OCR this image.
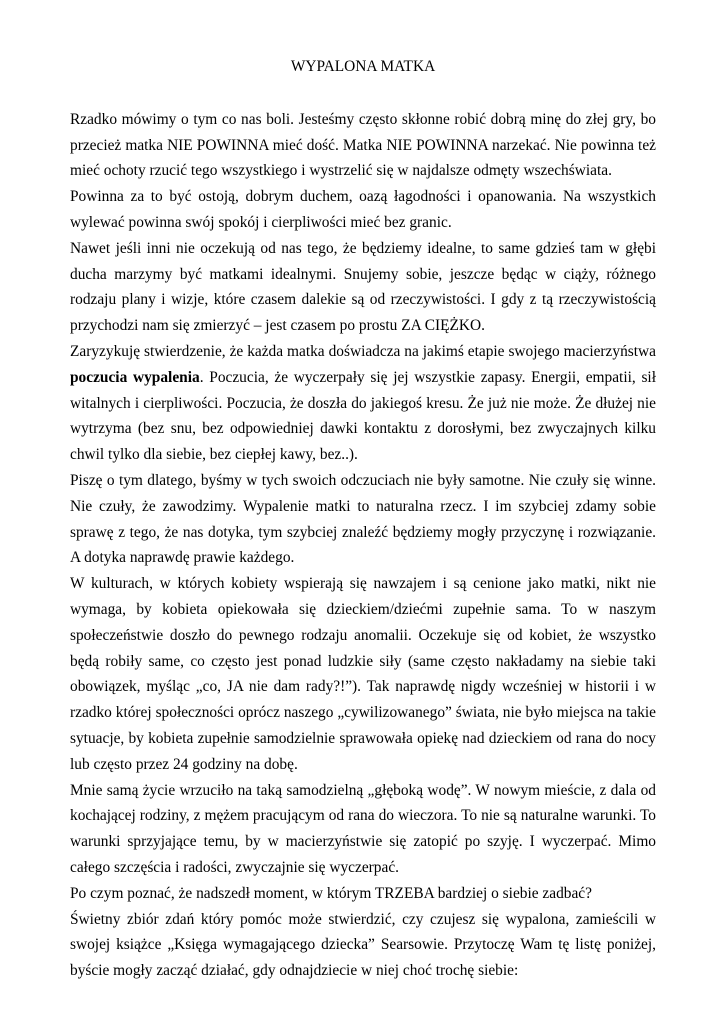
WYPALONA MATKA

Rzadko mówimy o tym co nas boli. Jesteśmy często skłonne robić dobrą minę do złej gry, bo przecież matka NIE POWINNA mieć dość. Matka NIE POWINNA narzekać. Nie powinna też mieć ochoty rzucić tego wszystkiego i wystrzelić się w najdalsze odmęty wszechświata.

Powinna za to być ostoją, dobrym duchem, oazą łagodności i opanowania. Na wszystkich wylewać powinna swój spokój i cierpliwości mieć bez granic.

Nawet jeśli inni nie oczekują od nas tego, że będziemy idealne, to same gdzieś tam w głębi ducha marzymy być matkami idealnymi. Snujemy sobie, jeszcze będąc w ciąży, różnego rodzaju plany i wizje, które czasem dalekie są od rzeczywistości. I gdy z tą rzeczywistością przychodzi nam się zmierzyć – jest czasem po prostu ZA CIĘŻKO.

Zaryzykuję stwierdzenie, że każda matka doświadcza na jakimś etapie swojego macierzyństwa poczucia wypalenia. Poczucia, że wyczerpały się jej wszystkie zapasy. Energii, empatii, sił witalnych i cierpliwości. Poczucia, że doszła do jakiegoś kresu. Że już nie może. Że dłużej nie wytrzyma (bez snu, bez odpowiedniej dawki kontaktu z dorosłymi, bez zwyczajnych kilku chwil tylko dla siebie, bez ciepłej kawy, bez..).

Piszę o tym dlatego, byśmy w tych swoich odczuciach nie były samotne. Nie czuły się winne. Nie czuły, że zawodzimy. Wypalenie matki to naturalna rzecz. I im szybciej zdamy sobie sprawę z tego, że nas dotyka, tym szybciej znaleźć będziemy mogły przyczynę i rozwiązanie. A dotyka naprawdę prawie każdego.

W kulturach, w których kobiety wspierają się nawzajem i są cenione jako matki, nikt nie wymaga, by kobieta opiekowała się dzieckiem/dziećmi zupełnie sama. To w naszym społeczeństwie doszło do pewnego rodzaju anomalii. Oczekuje się od kobiet, że wszystko będą robiły same, co często jest ponad ludzkie siły (same często nakładamy na siebie taki obowiązek, myśląc „co, JA nie dam rady?!”). Tak naprawdę nigdy wcześniej w historii i w rzadko której społeczności oprócz naszego „cywilizowanego” świata, nie było miejsca na takie sytuacje, by kobieta zupełnie samodzielnie sprawowała opiekę nad dzieckiem od rana do nocy lub często przez 24 godziny na dobę.

Mnie samą życie wrzuciło na taką samodzielną „głęboką wodę”. W nowym mieście, z dala od kochającej rodziny, z mężem pracującym od rana do wieczora. To nie są naturalne warunki. To warunki sprzyjające temu, by w macierzyństwie się zatopić po szyję. I wyczerpać. Mimo całego szczęścia i radości, zwyczajnie się wyczerpać.

Po czym poznać, że nadszedł moment, w którym TRZEBA bardziej o siebie zadbać?

Świetny zbiór zdań który pomóc może stwierdzić, czy czujesz się wypalona, zamieścili w swojej książce „Księga wymagającego dziecka” Searsowie. Przytoczę Wam tę listę poniżej, byście mogły zacząć działać, gdy odnajdziecie w niej choć trochę siebie:
